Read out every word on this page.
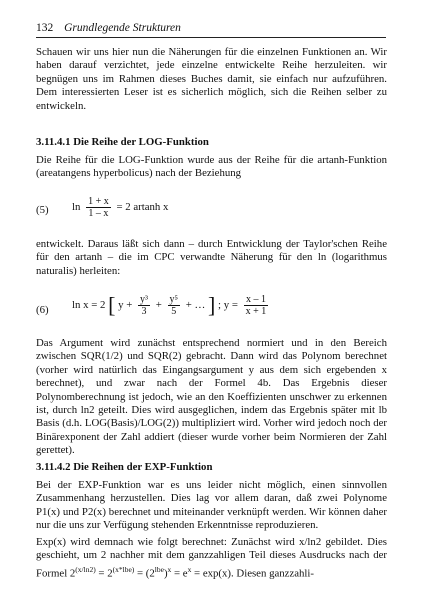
132 Grundlegende Strukturen

Schauen wir uns hier nun die Näherungen für die einzelnen Funktionen an. Wir haben darauf verzichtet, jede einzelne entwickelte Reihe herzuleiten. wir begnügen uns im Rahmen dieses Buches damit, sie einfach nur aufzuführen. Dem interessierten Leser ist es sicherlich möglich, sich die Reihen selber zu entwickeln.

3.11.4.1 Die Reihe der LOG-Funktion

Die Reihe für die LOG-Funktion wurde aus der Reihe für die artanh-Funktion (areatangens hyperbolicus) nach der Beziehung

(5) $\ln \frac{1 + x}{1 - x} = 2$ artanh x

entwickelt. Daraus läßt sich dann – durch Entwicklung der Taylor'schen Reihe für den artanh – die im CPC verwandte Näherung für den ln (logarithmus naturalis) herleiten:

(6) ln x = 2 [ $y + \frac{\text{y³}}{3} + \frac{\text{y⁵}}{5}$ + … ] ; $y = \frac{x - 1}{x + 1}$

Das Argument wird zunächst entsprechend normiert und in den Bereich zwischen SQR(1/2) und SQR(2) gebracht. Dann wird das Polynom berechnet (vorher wird natürlich das Eingangsargument y aus dem sich ergebenden x berechnet), und zwar nach der Formel 4b. Das Ergebnis dieser Polynomberechnung ist jedoch, wie an den Koeffizienten unschwer zu erkennen ist, durch ln2 geteilt. Dies wird ausgeglichen, indem das Ergebnis später mit lb Basis (d.h. LOG(Basis)/LOG(2)) multipliziert wird. Vorher wird jedoch noch der Binärexponent der Zahl addiert (dieser wurde vorher beim Normieren der Zahl gerettet).

3.11.4.2 Die Reihen der EXP-Funktion

Bei der EXP-Funktion war es uns leider nicht möglich, einen sinnvollen Zusammenhang herzustellen. Dies lag vor allem daran, daß zwei Polynome P1(x) und P2(x) berechnet und miteinander verknüpft werden. Wir können daher nur die uns zur Verfügung stehenden Erkenntnisse reproduzieren.

Exp(x) wird demnach wie folgt berechnet: Zunächst wird x/ln2 gebildet. Dies geschieht, um 2 nachher mit dem ganzzahligen Teil dieses Ausdrucks nach der Formel $2^{(x/ln2)} = 2^{(x*lbe)} = (2^{lbe})^x = e^x = \exp(x)$. Diesen ganzzahli-
